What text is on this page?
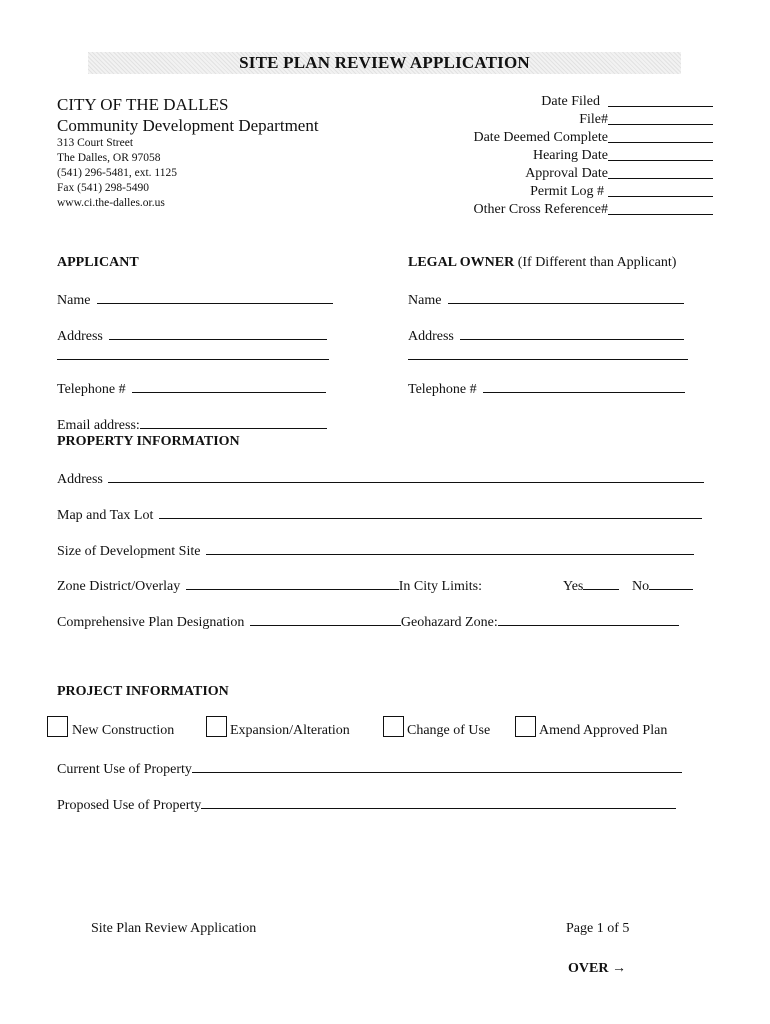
SITE PLAN REVIEW APPLICATION
CITY OF THE DALLES
Community Development Department
313 Court Street
The Dalles, OR 97058
(541) 296-5481, ext. 1125
Fax (541) 298-5490
www.ci.the-dalles.or.us
Date Filed
File#
Date Deemed Complete
Hearing Date
Approval Date
Permit Log #
Other Cross Reference#
APPLICANT
Name
Address
Telephone #
Email address:
LEGAL OWNER (If Different than Applicant)
Name
Address
Telephone #
PROPERTY INFORMATION
Address
Map and Tax Lot
Size of Development Site
Zone District/Overlay	In City Limits:	Yes	No
Comprehensive Plan Designation	Geohazard Zone:
PROJECT INFORMATION
New Construction	Expansion/Alteration	Change of Use	Amend Approved Plan
Current Use of Property
Proposed Use of Property
Site Plan Review Application	Page 1 of 5
OVER →
